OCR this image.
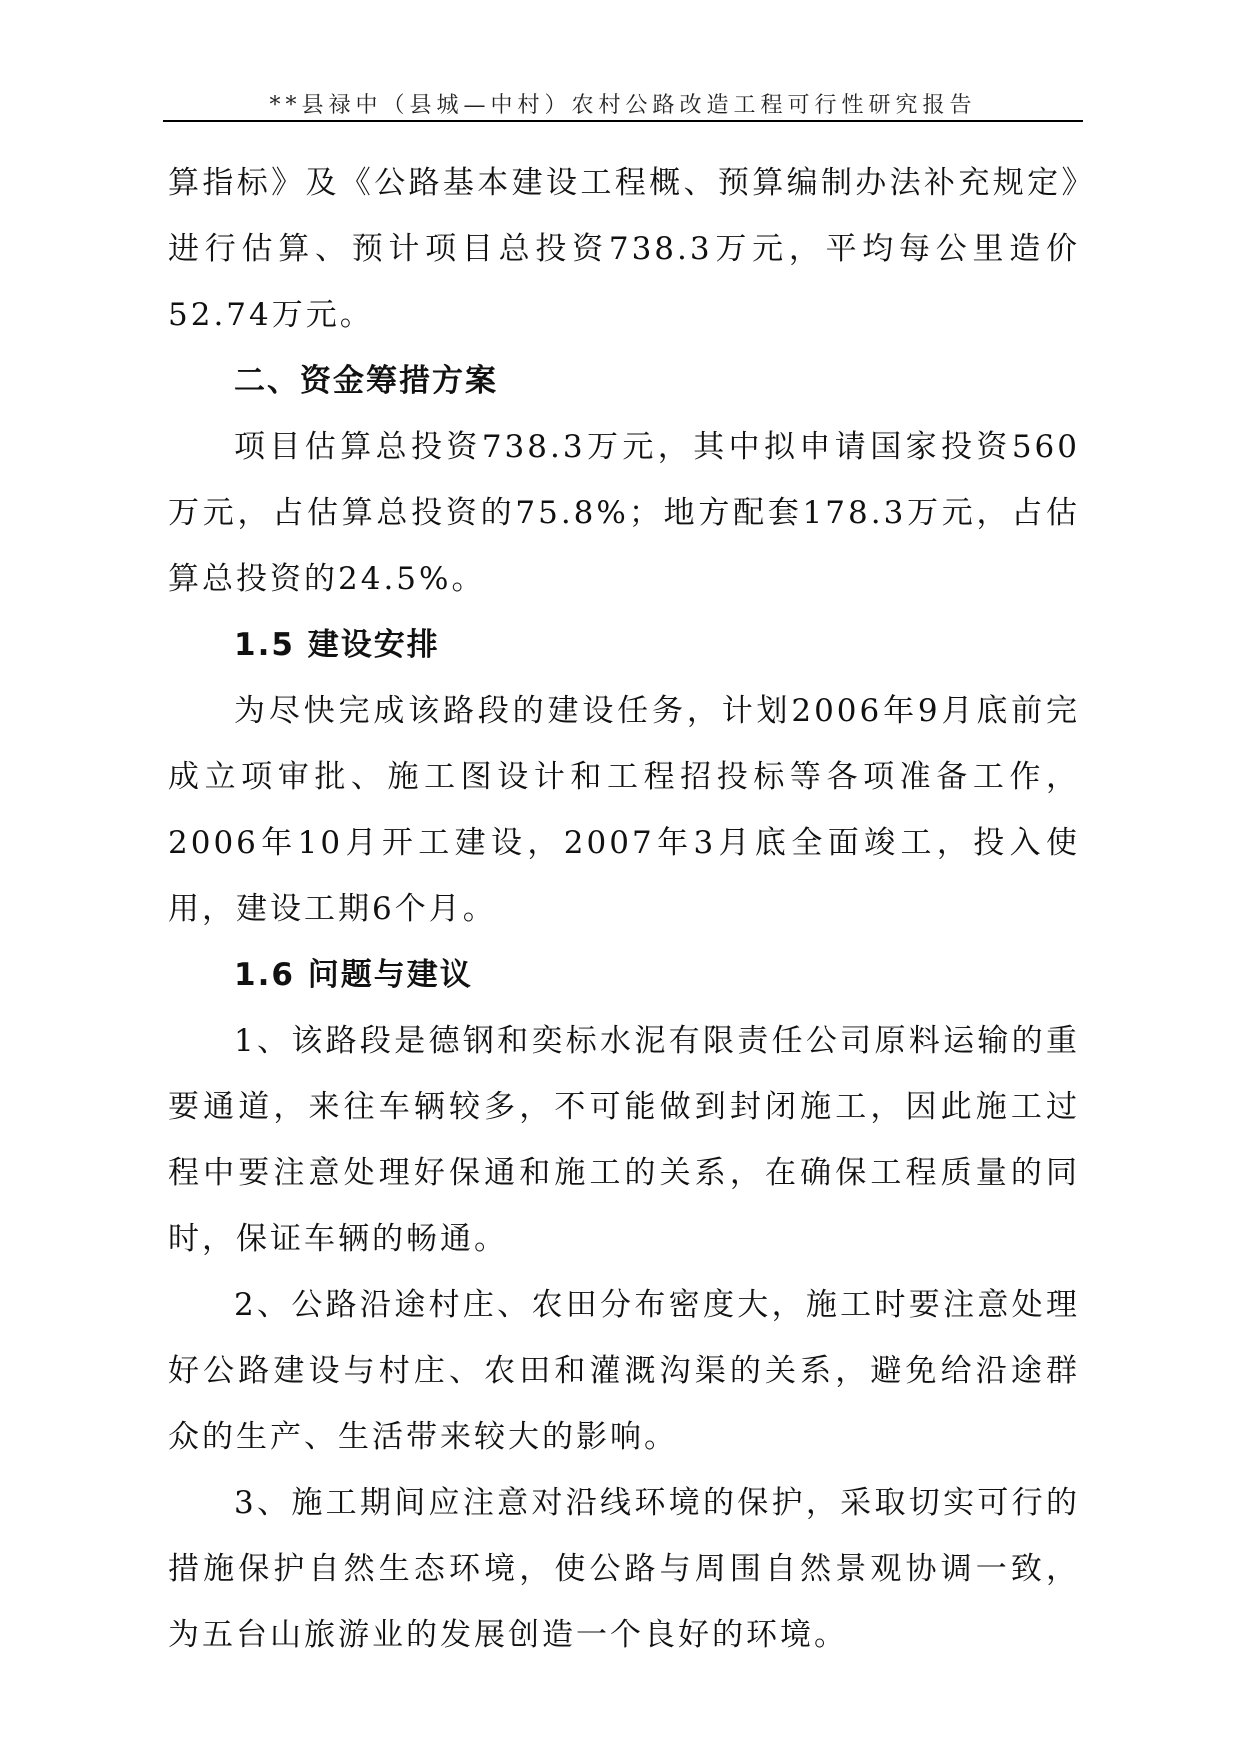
**县禄中（县城—中村）农村公路改造工程可行性研究报告

算指标》及《公路基本建设工程概、预算编制办法补充规定》进行估算、预计项目总投资738.3万元，平均每公里造价52.74万元。

二、资金筹措方案

项目估算总投资738.3万元，其中拟申请国家投资560万元，占估算总投资的75.8%；地方配套178.3万元，占估算总投资的24.5%。

1.5 建设安排

为尽快完成该路段的建设任务，计划2006年9月底前完成立项审批、施工图设计和工程招投标等各项准备工作，2006年10月开工建设，2007年3月底全面竣工，投入使用，建设工期6个月。

1.6 问题与建议

1、该路段是德钢和奕标水泥有限责任公司原料运输的重要通道，来往车辆较多，不可能做到封闭施工，因此施工过程中要注意处理好保通和施工的关系，在确保工程质量的同时，保证车辆的畅通。

2、公路沿途村庄、农田分布密度大，施工时要注意处理好公路建设与村庄、农田和灌溉沟渠的关系，避免给沿途群众的生产、生活带来较大的影响。

3、施工期间应注意对沿线环境的保护，采取切实可行的措施保护自然生态环境，使公路与周围自然景观协调一致，为五台山旅游业的发展创造一个良好的环境。
